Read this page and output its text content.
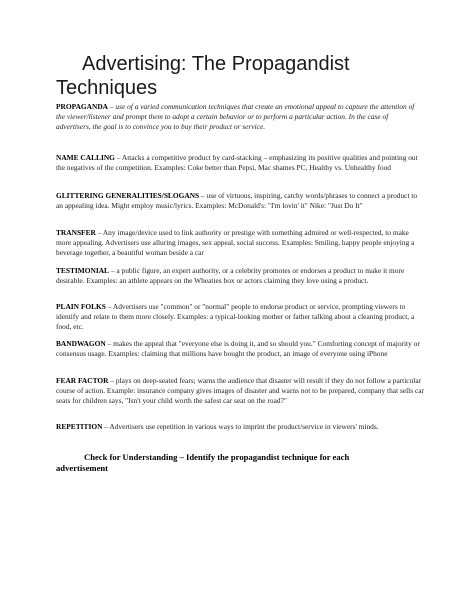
Advertising: The Propagandist
Techniques
PROPAGANDA – use of a varied communication techniques that create an emotional appeal to capture the attention of the viewer/listener and prompt them to adopt a certain behavior or to perform a particular action. In the case of advertisers, the goal is to convince you to buy their product or service.
NAME CALLING – Attacks a competitive product by card-stacking – emphasizing its positive qualities and pointing out the negatives of the competition. Examples: Coke better than Pepsi, Mac shames PC, Healthy vs. Unhealthy food
GLITTERING GENERALITIES/SLOGANS – use of virtuous, inspiring, catchy words/phrases to connect a product to an appealing idea. Might employ music/lyrics. Examples: McDonald's: "I'm lovin' it" Nike: "Just Do It"
TRANSFER – Any image/device used to link authority or prestige with something admired or well-respected, to make more appealing. Advertisers use alluring images, sex appeal, social success. Examples: Smiling, happy people enjoying a beverage together, a beautiful woman beside a car
TESTIMONIAL – a public figure, an expert authority, or a celebrity promotes or endorses a product to make it more desirable. Examples: an athlete appears on the Wheaties box or actors claiming they love using a product.
PLAIN FOLKS – Advertisers use "common" or "normal" people to endorse product or service, prompting viewers to identify and relate to them more closely. Examples: a typical-looking mother or father talking about a cleaning product, a food, etc.
BANDWAGON – makes the appeal that "everyone else is doing it, and so should you." Comforting concept of majority or consensus usage. Examples: claiming that millions have bought the product, an image of everyone using iPhone
FEAR FACTOR – plays on deep-seated fears; warns the audience that disaster will result if they do not follow a particular course of action. Example: insurance company gives images of disaster and warns not to be prepared, company that sells car seats for children says, "Isn't your child worth the safest car seat on the road?"
REPETITION – Advertisers use repetition in various ways to imprint the product/service in viewers' minds.
Check for Understanding – Identify the propagandist technique for each
advertisement
